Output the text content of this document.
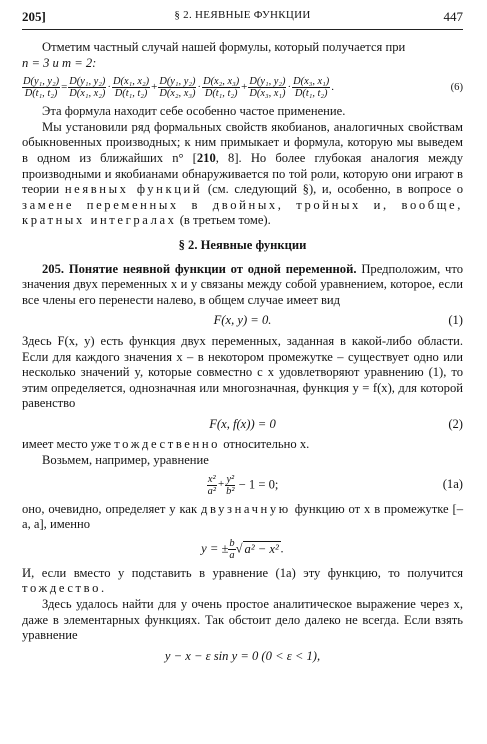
205]	§ 2. НЕЯВНЫЕ ФУНКЦИИ	447

Отметим частный случай нашей формулы, который получается при
n = 3 и m = 2:

$\frac{\text{D(y₁, y₂)}}{\text{D(t₁, t₂)}} = \frac{\text{D(y₁, y₂)}}{\text{D(x₁, x₂)}} \cdot \frac{\text{D(x₁, x₂)}}{\text{D(t₁, t₂)}} + \frac{\text{D(y₁, y₂)}}{\text{D(x₂, x₃)}} \cdot \frac{\text{D(x₂, x₃)}}{\text{D(t₁, t₂)}} + \frac{\text{D(y₁, y₂)}}{\text{D(x₃, x₁)}} \cdot \frac{\text{D(x₃, x₁)}}{\text{D(t₁, t₂)}}$ .	(6)

Эта формула находит себе особенно частое применение.

Мы установили ряд формальных свойств якобианов, аналогичных свойствам обыкновенных производных; к ним примыкает и формула, которую мы выведем в одном из ближайших n° [210, 8]. Но более глубокая аналогия между производными и якобианами обнаруживается по той роли, которую они играют в теории неявных функций (см. следующий §), и, особенно, в вопросе о замене переменных в двойных, тройных и, вообще, кратных интегралах (в третьем томе).

§ 2. Неявные функции

205. Понятие неявной функции от одной переменной. Предположим, что значения двух переменных x и y связаны между собой уравнением, которое, если все члены его перенести налево, в общем случае имеет вид

F(x, y) = 0.	(1)

Здесь F(x, y) есть функция двух переменных, заданная в какой-либо области. Если для каждого значения x – в некотором промежутке – существует одно или несколько значений y, которые совместно с x удовлетворяют уравнению (1), то этим определяется, однозначная или многозначная, функция y = f(x), для которой равенство

F(x, f(x)) = 0	(2)

имеет место уже тождественно относительно x.

Возьмем, например, уравнение

$\frac{\text{x²}}{\text{a²}} + \frac{\text{y²}}{\text{b²}} - 1 = 0$;	(1a)

оно, очевидно, определяет y как двузначную функцию от x в промежутке [– a, a], именно

y = ± $\frac{b}{a}$ √ a² − x² .

И, если вместо y подставить в уравнение (1a) эту функцию, то получится тождество.

Здесь удалось найти для y очень простое аналитическое выражение через x, даже в элементарных функциях. Так обстоит дело далеко не всегда. Если взять уравнение

y − x − ε sin y = 0 (0 < ε < 1),
